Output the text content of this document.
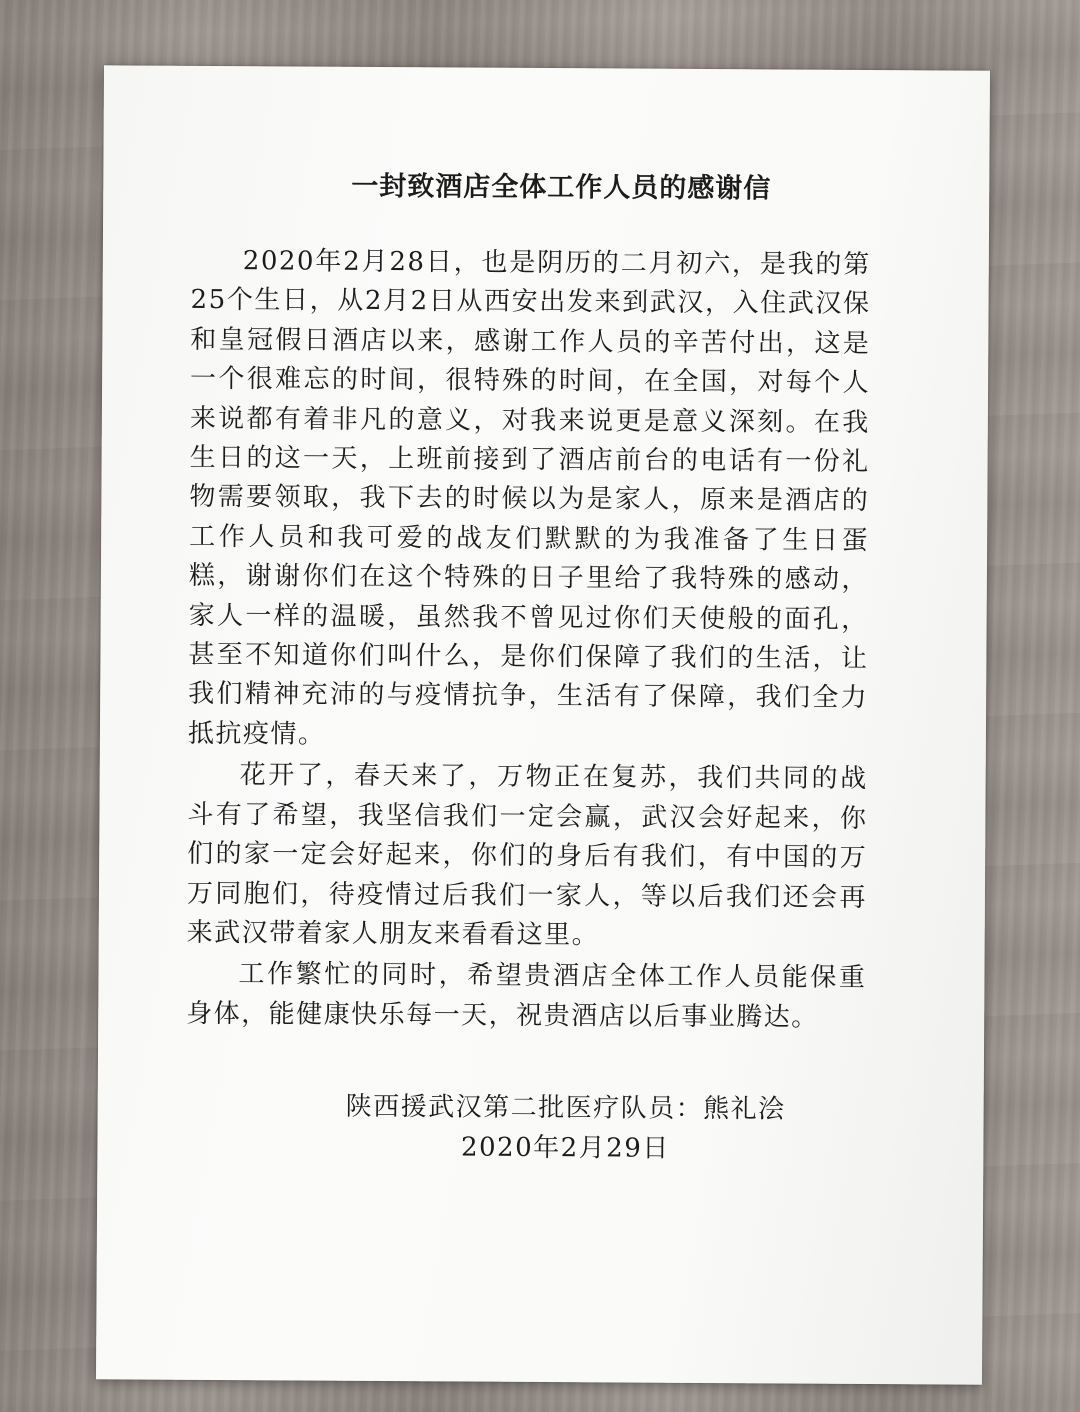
一封致酒店全体工作人员的感谢信

2020年2月28日，也是阴历的二月初六，是我的第25个生日，从2月2日从西安出发来到武汉，入住武汉保和皇冠假日酒店以来，感谢工作人员的辛苦付出，这是一个很难忘的时间，很特殊的时间，在全国，对每个人来说都有着非凡的意义，对我来说更是意义深刻。在我生日的这一天，上班前接到了酒店前台的电话有一份礼物需要领取，我下去的时候以为是家人，原来是酒店的工作人员和我可爱的战友们默默的为我准备了生日蛋糕，谢谢你们在这个特殊的日子里给了我特殊的感动，家人一样的温暖，虽然我不曾见过你们天使般的面孔，甚至不知道你们叫什么，是你们保障了我们的生活，让我们精神充沛的与疫情抗争，生活有了保障，我们全力抵抗疫情。

花开了，春天来了，万物正在复苏，我们共同的战斗有了希望，我坚信我们一定会赢，武汉会好起来，你们的家一定会好起来，你们的身后有我们，有中国的万万同胞们，待疫情过后我们一家人，等以后我们还会再来武汉带着家人朋友来看看这里。

工作繁忙的同时，希望贵酒店全体工作人员能保重身体，能健康快乐每一天，祝贵酒店以后事业腾达。

陕西援武汉第二批医疗队员：熊礼浍
2020年2月29日
